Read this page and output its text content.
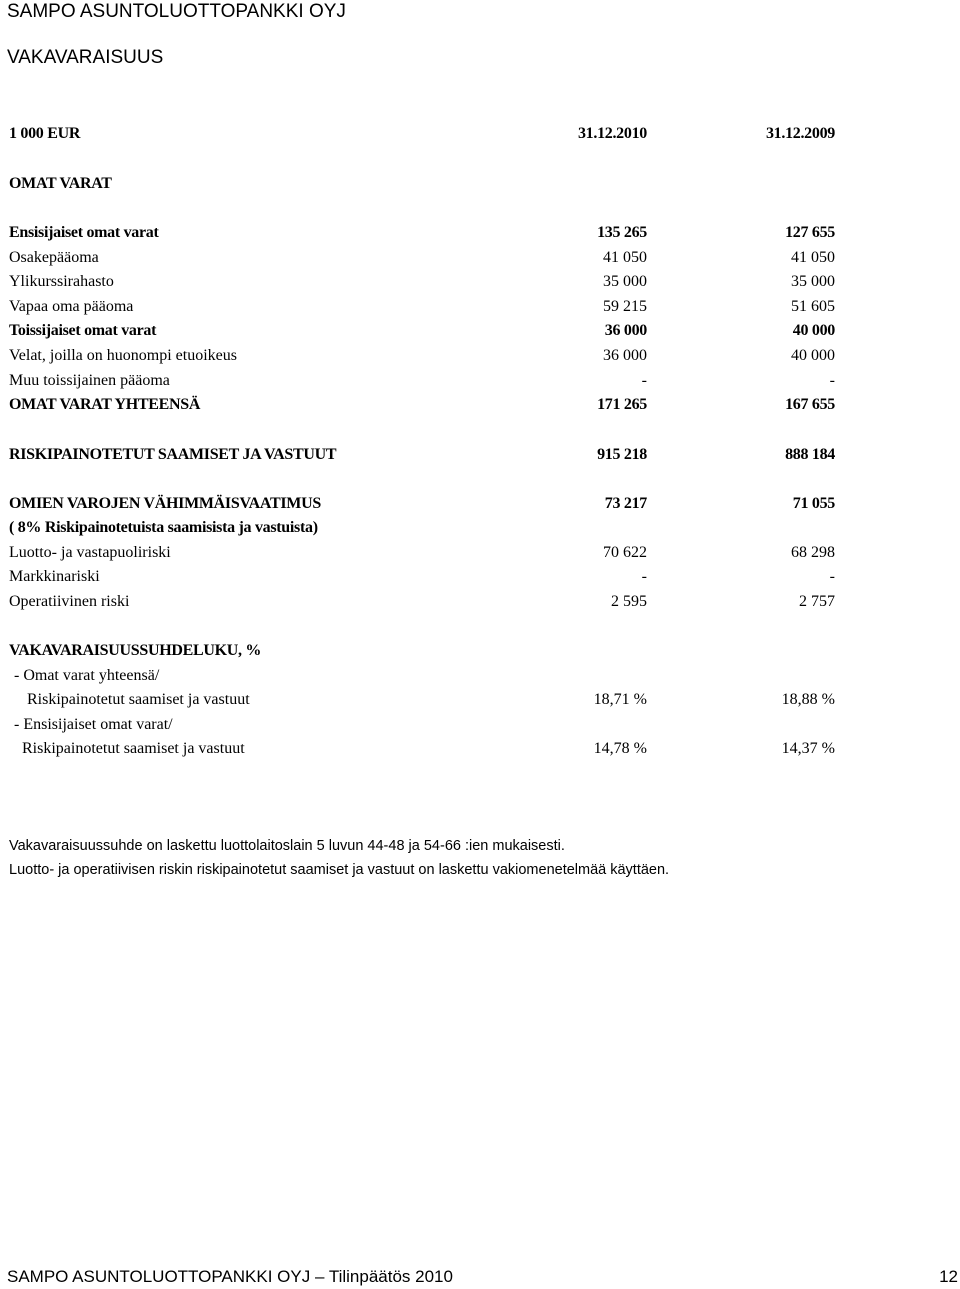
SAMPO ASUNTOLUOTTOPANKKI OYJ
VAKAVARAISUUS
1 000 EUR	31.12.2010	31.12.2009
OMAT VARAT
Ensisijaiset omat varat	135 265	127 655
Osakepääoma	41 050	41 050
Ylikurssirahasto	35 000	35 000
Vapaa oma pääoma	59 215	51 605
Toissijaiset omat varat	36 000	40 000
Velat, joilla on huonompi etuoikeus	36 000	40 000
Muu toissijainen pääoma	-	-
OMAT VARAT YHTEENSÄ	171 265	167 655
RISKIPAINOTETUT SAAMISET JA VASTUUT	915 218	888 184
OMIEN VAROJEN VÄHIMMÄISVAATIMUS	73 217	71 055
( 8% Riskipainotetuista saamisista ja vastuista)
Luotto- ja vastapuoliriski	70 622	68 298
Markkinariski	-	-
Operatiivinen riski	2 595	2 757
VAKAVARAISUUSSUHDELUKU, %
- Omat varat yhteensä/
Riskipainotetut saamiset ja vastuut	18,71 %	18,88 %
- Ensisijaiset omat varat/
Riskipainotetut saamiset ja vastuut	14,78 %	14,37 %
Vakavaraisuussuhde on laskettu luottolaitoslain 5 luvun 44-48 ja 54-66 :ien mukaisesti.
Luotto- ja operatiivisen riskin riskipainotetut saamiset ja vastuut on laskettu vakiomenetelmää käyttäen.
SAMPO ASUNTOLUOTTOPANKKI OYJ – Tilinpäätös 2010	12
